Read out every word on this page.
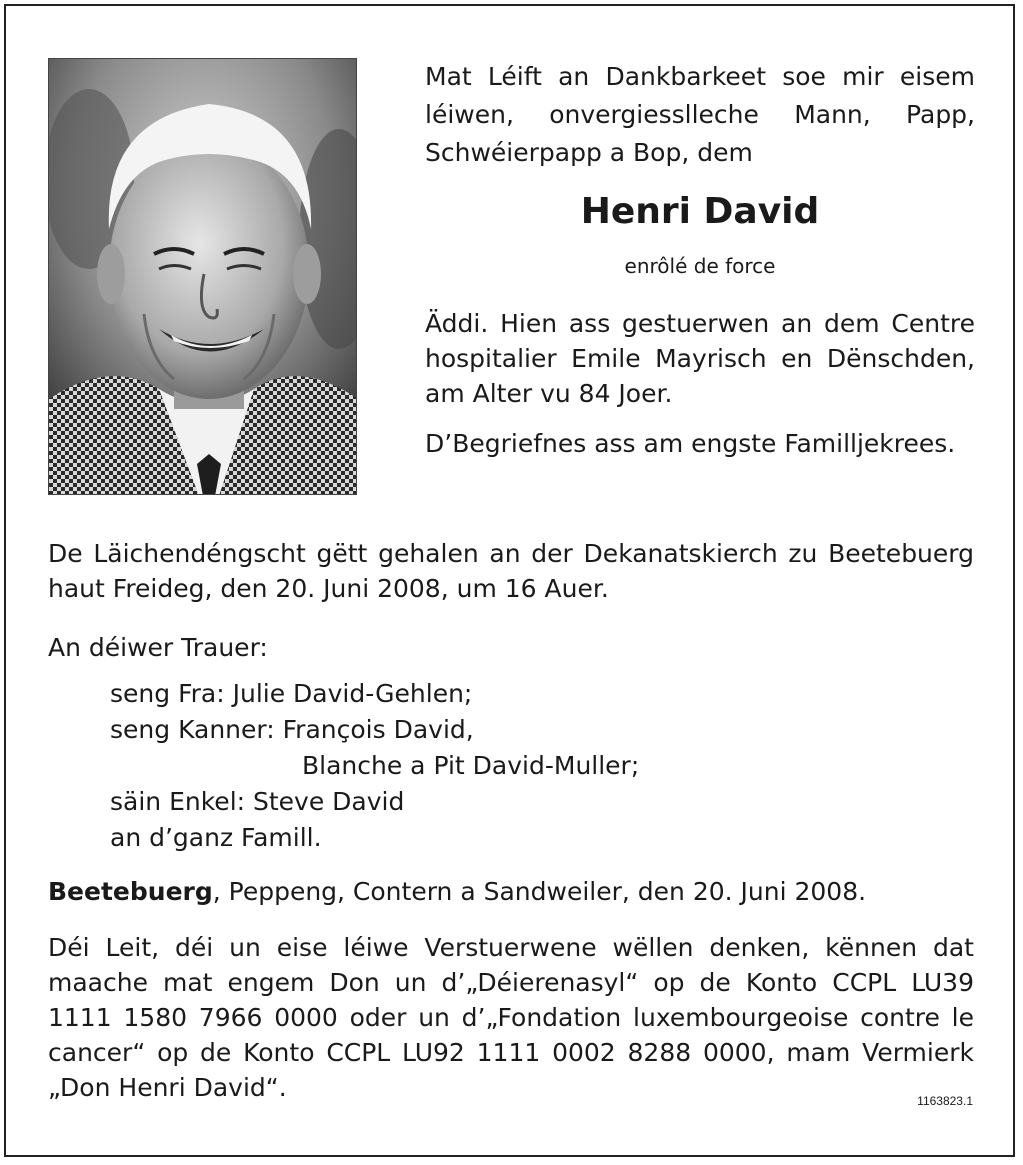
Mat Léift an Dankbarkeet soe mir eisem léiwen, onvergiesslleche Mann, Papp, Schwéierpapp a Bop, dem
Henri David
enrôlé de force
Äddi. Hien ass gestuerwen an dem Centre hospitalier Emile Mayrisch en Dënschden, am Alter vu 84 Joer.
D’Begriefnes ass am engste Familljekrees.
De Läichendéngscht gëtt gehalen an der Dekanatskierch zu Beetebuerg haut Freideg, den 20. Juni 2008, um 16 Auer.
An déiwer Trauer:
seng Fra: Julie David-Gehlen;
seng Kanner: François David,
Blanche a Pit David-Muller;
säin Enkel: Steve David
an d’ganz Famill.
Beetebuerg, Peppeng, Contern a Sandweiler, den 20. Juni 2008.
Déi Leit, déi un eise léiwe Verstuerwene wëllen denken, kënnen dat maache mat engem Don un d’„Déierenasyl“ op de Konto CCPL LU39 1111 1580 7966 0000 oder un d’„Fondation luxembourgeoise contre le cancer“ op de Konto CCPL LU92 1111 0002 8288 0000, mam Vermierk „Don Henri David“.	1163823.1
